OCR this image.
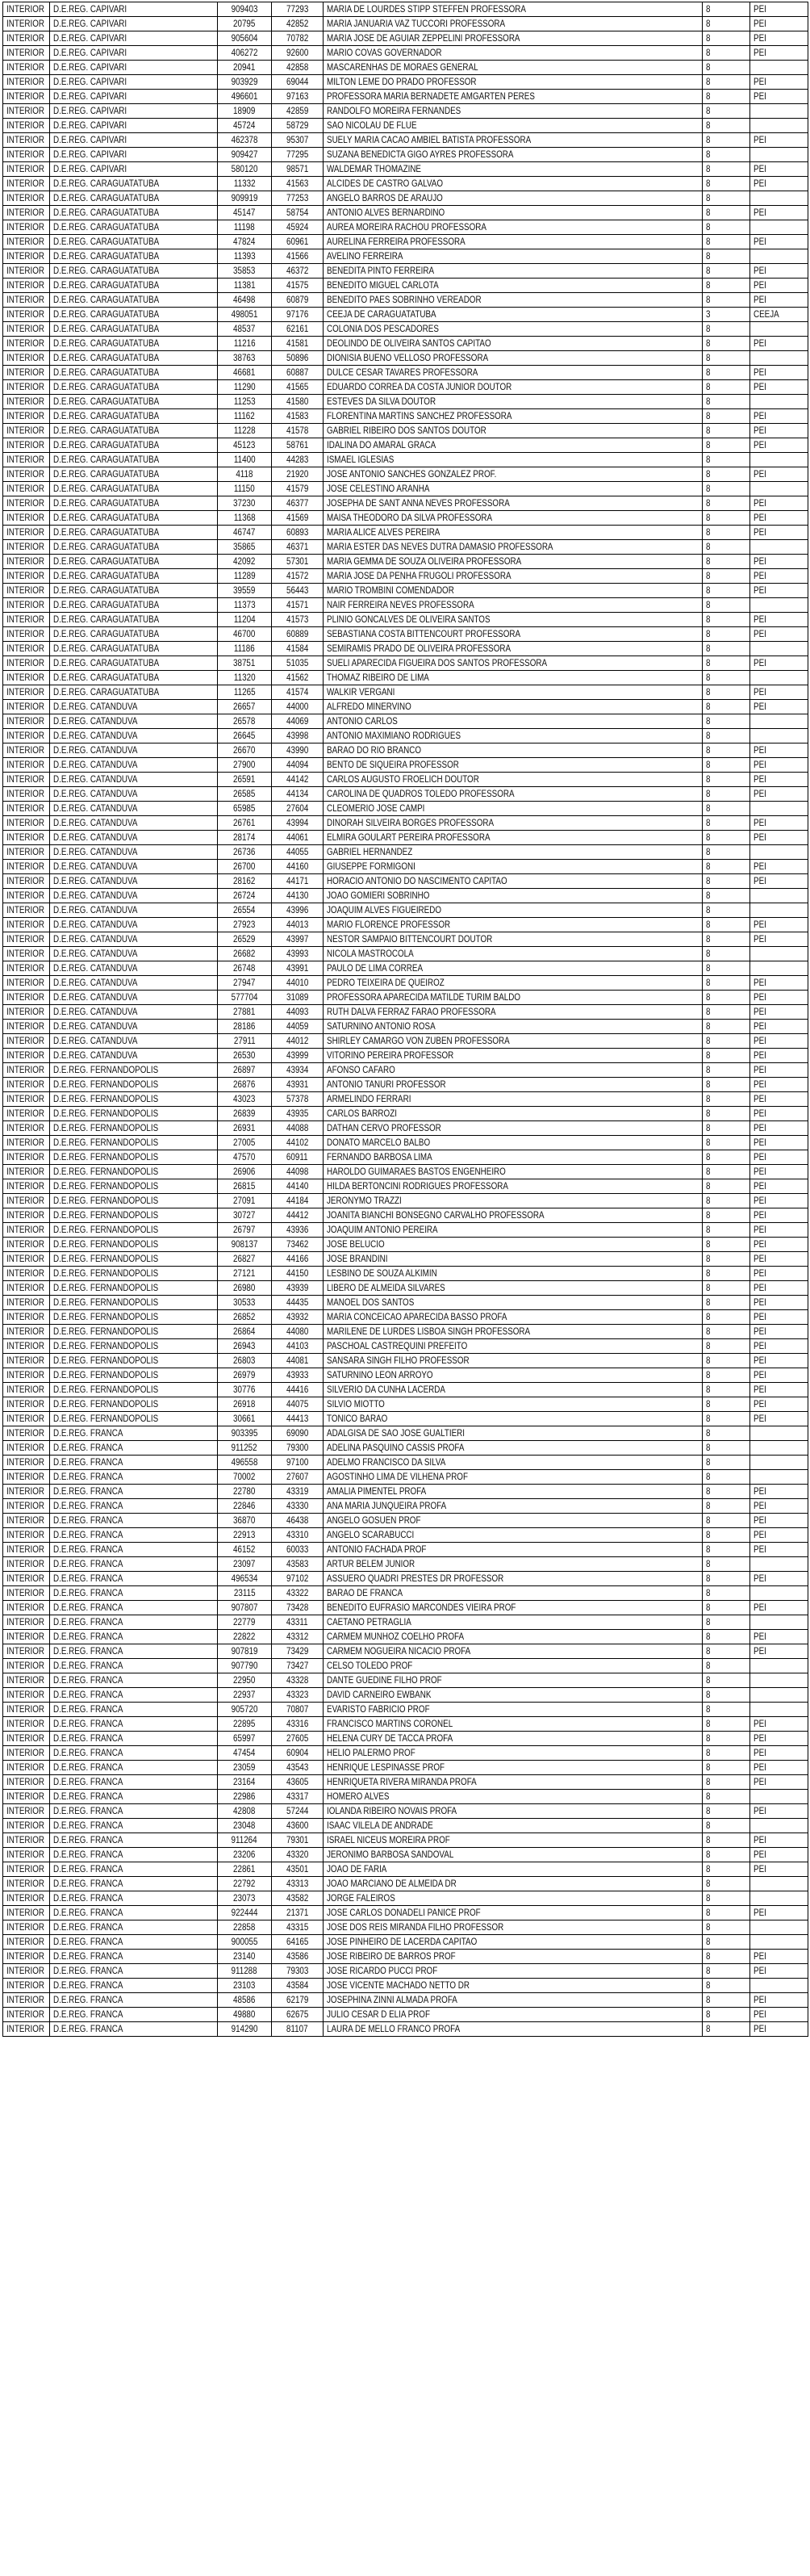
INTERIOR	D.E.REG. CAPIVARI	909403	77293	MARIA DE LOURDES STIPP STEFFEN PROFESSORA	8	PEI
INTERIOR	D.E.REG. CAPIVARI	20795	42852	MARIA JANUARIA VAZ TUCCORI PROFESSORA	8	PEI
INTERIOR	D.E.REG. CAPIVARI	905604	70782	MARIA JOSE DE AGUIAR ZEPPELINI PROFESSORA	8	PEI
INTERIOR	D.E.REG. CAPIVARI	406272	92600	MARIO COVAS GOVERNADOR	8	PEI
INTERIOR	D.E.REG. CAPIVARI	20941	42858	MASCARENHAS DE MORAES GENERAL	8	
INTERIOR	D.E.REG. CAPIVARI	903929	69044	MILTON LEME DO PRADO PROFESSOR	8	PEI
INTERIOR	D.E.REG. CAPIVARI	496601	97163	PROFESSORA MARIA BERNADETE AMGARTEN PERES	8	PEI
INTERIOR	D.E.REG. CAPIVARI	18909	42859	RANDOLFO MOREIRA FERNANDES	8	
INTERIOR	D.E.REG. CAPIVARI	45724	58729	SAO NICOLAU DE FLUE	8	
INTERIOR	D.E.REG. CAPIVARI	462378	95307	SUELY MARIA CACAO AMBIEL BATISTA PROFESSORA	8	PEI
INTERIOR	D.E.REG. CAPIVARI	909427	77295	SUZANA BENEDICTA GIGO AYRES PROFESSORA	8	
INTERIOR	D.E.REG. CAPIVARI	580120	98571	WALDEMAR THOMAZINE	8	PEI
INTERIOR	D.E.REG. CARAGUATATUBA	11332	41563	ALCIDES DE CASTRO GALVAO	8	PEI
INTERIOR	D.E.REG. CARAGUATATUBA	909919	77253	ANGELO BARROS DE ARAUJO	8	
INTERIOR	D.E.REG. CARAGUATATUBA	45147	58754	ANTONIO ALVES BERNARDINO	8	PEI
INTERIOR	D.E.REG. CARAGUATATUBA	11198	45924	AUREA MOREIRA RACHOU PROFESSORA	8	
INTERIOR	D.E.REG. CARAGUATATUBA	47824	60961	AURELINA FERREIRA PROFESSORA	8	PEI
INTERIOR	D.E.REG. CARAGUATATUBA	11393	41566	AVELINO FERREIRA	8	
INTERIOR	D.E.REG. CARAGUATATUBA	35853	46372	BENEDITA PINTO FERREIRA	8	PEI
INTERIOR	D.E.REG. CARAGUATATUBA	11381	41575	BENEDITO MIGUEL CARLOTA	8	PEI
INTERIOR	D.E.REG. CARAGUATATUBA	46498	60879	BENEDITO PAES SOBRINHO VEREADOR	8	PEI
INTERIOR	D.E.REG. CARAGUATATUBA	498051	97176	CEEJA DE CARAGUATATUBA	3	CEEJA
INTERIOR	D.E.REG. CARAGUATATUBA	48537	62161	COLONIA DOS PESCADORES	8	
INTERIOR	D.E.REG. CARAGUATATUBA	11216	41581	DEOLINDO DE OLIVEIRA SANTOS CAPITAO	8	PEI
INTERIOR	D.E.REG. CARAGUATATUBA	38763	50896	DIONISIA BUENO VELLOSO PROFESSORA	8	
INTERIOR	D.E.REG. CARAGUATATUBA	46681	60887	DULCE CESAR TAVARES PROFESSORA	8	PEI
INTERIOR	D.E.REG. CARAGUATATUBA	11290	41565	EDUARDO CORREA DA COSTA JUNIOR DOUTOR	8	PEI
INTERIOR	D.E.REG. CARAGUATATUBA	11253	41580	ESTEVES DA SILVA DOUTOR	8	
INTERIOR	D.E.REG. CARAGUATATUBA	11162	41583	FLORENTINA MARTINS SANCHEZ PROFESSORA	8	PEI
INTERIOR	D.E.REG. CARAGUATATUBA	11228	41578	GABRIEL RIBEIRO DOS SANTOS DOUTOR	8	PEI
INTERIOR	D.E.REG. CARAGUATATUBA	45123	58761	IDALINA DO AMARAL GRACA	8	PEI
INTERIOR	D.E.REG. CARAGUATATUBA	11400	44283	ISMAEL IGLESIAS	8	
INTERIOR	D.E.REG. CARAGUATATUBA	4118	21920	JOSE ANTONIO SANCHES GONZALEZ PROF.	8	PEI
INTERIOR	D.E.REG. CARAGUATATUBA	11150	41579	JOSE CELESTINO ARANHA	8	
INTERIOR	D.E.REG. CARAGUATATUBA	37230	46377	JOSEPHA DE SANT ANNA NEVES PROFESSORA	8	PEI
INTERIOR	D.E.REG. CARAGUATATUBA	11368	41569	MAISA THEODORO DA SILVA PROFESSORA	8	PEI
INTERIOR	D.E.REG. CARAGUATATUBA	46747	60893	MARIA ALICE ALVES PEREIRA	8	PEI
INTERIOR	D.E.REG. CARAGUATATUBA	35865	46371	MARIA ESTER DAS NEVES DUTRA DAMASIO PROFESSORA	8	
INTERIOR	D.E.REG. CARAGUATATUBA	42092	57301	MARIA GEMMA DE SOUZA OLIVEIRA PROFESSORA	8	PEI
INTERIOR	D.E.REG. CARAGUATATUBA	11289	41572	MARIA JOSE DA PENHA FRUGOLI PROFESSORA	8	PEI
INTERIOR	D.E.REG. CARAGUATATUBA	39559	56443	MARIO TROMBINI COMENDADOR	8	PEI
INTERIOR	D.E.REG. CARAGUATATUBA	11373	41571	NAIR FERREIRA NEVES PROFESSORA	8	
INTERIOR	D.E.REG. CARAGUATATUBA	11204	41573	PLINIO GONCALVES DE OLIVEIRA SANTOS	8	PEI
INTERIOR	D.E.REG. CARAGUATATUBA	46700	60889	SEBASTIANA COSTA BITTENCOURT PROFESSORA	8	PEI
INTERIOR	D.E.REG. CARAGUATATUBA	11186	41584	SEMIRAMIS PRADO DE OLIVEIRA PROFESSORA	8	
INTERIOR	D.E.REG. CARAGUATATUBA	38751	51035	SUELI APARECIDA FIGUEIRA DOS SANTOS PROFESSORA	8	PEI
INTERIOR	D.E.REG. CARAGUATATUBA	11320	41562	THOMAZ RIBEIRO DE LIMA	8	
INTERIOR	D.E.REG. CARAGUATATUBA	11265	41574	WALKIR VERGANI	8	PEI
INTERIOR	D.E.REG. CATANDUVA	26657	44000	ALFREDO MINERVINO	8	PEI
INTERIOR	D.E.REG. CATANDUVA	26578	44069	ANTONIO CARLOS	8	
INTERIOR	D.E.REG. CATANDUVA	26645	43998	ANTONIO MAXIMIANO RODRIGUES	8	
INTERIOR	D.E.REG. CATANDUVA	26670	43990	BARAO DO RIO BRANCO	8	PEI
INTERIOR	D.E.REG. CATANDUVA	27900	44094	BENTO DE SIQUEIRA PROFESSOR	8	PEI
INTERIOR	D.E.REG. CATANDUVA	26591	44142	CARLOS AUGUSTO FROELICH DOUTOR	8	PEI
INTERIOR	D.E.REG. CATANDUVA	26585	44134	CAROLINA DE QUADROS TOLEDO PROFESSORA	8	PEI
INTERIOR	D.E.REG. CATANDUVA	65985	27604	CLEOMERIO JOSE CAMPI	8	
INTERIOR	D.E.REG. CATANDUVA	26761	43994	DINORAH SILVEIRA BORGES PROFESSORA	8	PEI
INTERIOR	D.E.REG. CATANDUVA	28174	44061	ELMIRA GOULART PEREIRA PROFESSORA	8	PEI
INTERIOR	D.E.REG. CATANDUVA	26736	44055	GABRIEL HERNANDEZ	8	
INTERIOR	D.E.REG. CATANDUVA	26700	44160	GIUSEPPE FORMIGONI	8	PEI
INTERIOR	D.E.REG. CATANDUVA	28162	44171	HORACIO ANTONIO DO NASCIMENTO CAPITAO	8	PEI
INTERIOR	D.E.REG. CATANDUVA	26724	44130	JOAO GOMIERI SOBRINHO	8	
INTERIOR	D.E.REG. CATANDUVA	26554	43996	JOAQUIM ALVES FIGUEIREDO	8	
INTERIOR	D.E.REG. CATANDUVA	27923	44013	MARIO FLORENCE PROFESSOR	8	PEI
INTERIOR	D.E.REG. CATANDUVA	26529	43997	NESTOR SAMPAIO BITTENCOURT DOUTOR	8	PEI
INTERIOR	D.E.REG. CATANDUVA	26682	43993	NICOLA MASTROCOLA	8	
INTERIOR	D.E.REG. CATANDUVA	26748	43991	PAULO DE LIMA CORREA	8	
INTERIOR	D.E.REG. CATANDUVA	27947	44010	PEDRO TEIXEIRA DE QUEIROZ	8	PEI
INTERIOR	D.E.REG. CATANDUVA	577704	31089	PROFESSORA APARECIDA MATILDE TURIM BALDO	8	PEI
INTERIOR	D.E.REG. CATANDUVA	27881	44093	RUTH DALVA FERRAZ FARAO PROFESSORA	8	PEI
INTERIOR	D.E.REG. CATANDUVA	28186	44059	SATURNINO ANTONIO ROSA	8	PEI
INTERIOR	D.E.REG. CATANDUVA	27911	44012	SHIRLEY CAMARGO VON ZUBEN PROFESSORA	8	PEI
INTERIOR	D.E.REG. CATANDUVA	26530	43999	VITORINO PEREIRA PROFESSOR	8	PEI
INTERIOR	D.E.REG. FERNANDOPOLIS	26897	43934	AFONSO CAFARO	8	PEI
INTERIOR	D.E.REG. FERNANDOPOLIS	26876	43931	ANTONIO TANURI PROFESSOR	8	PEI
INTERIOR	D.E.REG. FERNANDOPOLIS	43023	57378	ARMELINDO FERRARI	8	PEI
INTERIOR	D.E.REG. FERNANDOPOLIS	26839	43935	CARLOS BARROZI	8	PEI
INTERIOR	D.E.REG. FERNANDOPOLIS	26931	44088	DATHAN CERVO PROFESSOR	8	PEI
INTERIOR	D.E.REG. FERNANDOPOLIS	27005	44102	DONATO MARCELO BALBO	8	PEI
INTERIOR	D.E.REG. FERNANDOPOLIS	47570	60911	FERNANDO BARBOSA LIMA	8	PEI
INTERIOR	D.E.REG. FERNANDOPOLIS	26906	44098	HAROLDO GUIMARAES BASTOS ENGENHEIRO	8	PEI
INTERIOR	D.E.REG. FERNANDOPOLIS	26815	44140	HILDA BERTONCINI RODRIGUES PROFESSORA	8	PEI
INTERIOR	D.E.REG. FERNANDOPOLIS	27091	44184	JERONYMO TRAZZI	8	PEI
INTERIOR	D.E.REG. FERNANDOPOLIS	30727	44412	JOANITA BIANCHI BONSEGNO CARVALHO PROFESSORA	8	PEI
INTERIOR	D.E.REG. FERNANDOPOLIS	26797	43936	JOAQUIM ANTONIO PEREIRA	8	PEI
INTERIOR	D.E.REG. FERNANDOPOLIS	908137	73462	JOSE BELUCIO	8	PEI
INTERIOR	D.E.REG. FERNANDOPOLIS	26827	44166	JOSE BRANDINI	8	PEI
INTERIOR	D.E.REG. FERNANDOPOLIS	27121	44150	LESBINO DE SOUZA ALKIMIN	8	PEI
INTERIOR	D.E.REG. FERNANDOPOLIS	26980	43939	LIBERO DE ALMEIDA SILVARES	8	PEI
INTERIOR	D.E.REG. FERNANDOPOLIS	30533	44435	MANOEL DOS SANTOS	8	PEI
INTERIOR	D.E.REG. FERNANDOPOLIS	26852	43932	MARIA CONCEICAO APARECIDA BASSO PROFA	8	PEI
INTERIOR	D.E.REG. FERNANDOPOLIS	26864	44080	MARILENE DE LURDES LISBOA SINGH PROFESSORA	8	PEI
INTERIOR	D.E.REG. FERNANDOPOLIS	26943	44103	PASCHOAL CASTREQUINI PREFEITO	8	PEI
INTERIOR	D.E.REG. FERNANDOPOLIS	26803	44081	SANSARA SINGH FILHO PROFESSOR	8	PEI
INTERIOR	D.E.REG. FERNANDOPOLIS	26979	43933	SATURNINO LEON ARROYO	8	PEI
INTERIOR	D.E.REG. FERNANDOPOLIS	30776	44416	SILVERIO DA CUNHA LACERDA	8	PEI
INTERIOR	D.E.REG. FERNANDOPOLIS	26918	44075	SILVIO MIOTTO	8	PEI
INTERIOR	D.E.REG. FERNANDOPOLIS	30661	44413	TONICO BARAO	8	PEI
INTERIOR	D.E.REG. FRANCA	903395	69090	ADALGISA DE SAO JOSE GUALTIERI	8	
INTERIOR	D.E.REG. FRANCA	911252	79300	ADELINA PASQUINO CASSIS PROFA	8	
INTERIOR	D.E.REG. FRANCA	496558	97100	ADELMO FRANCISCO DA SILVA	8	
INTERIOR	D.E.REG. FRANCA	70002	27607	AGOSTINHO LIMA DE VILHENA PROF	8	
INTERIOR	D.E.REG. FRANCA	22780	43319	AMALIA PIMENTEL PROFA	8	PEI
INTERIOR	D.E.REG. FRANCA	22846	43330	ANA MARIA JUNQUEIRA PROFA	8	PEI
INTERIOR	D.E.REG. FRANCA	36870	46438	ANGELO GOSUEN PROF	8	PEI
INTERIOR	D.E.REG. FRANCA	22913	43310	ANGELO SCARABUCCI	8	PEI
INTERIOR	D.E.REG. FRANCA	46152	60033	ANTONIO FACHADA PROF	8	PEI
INTERIOR	D.E.REG. FRANCA	23097	43583	ARTUR BELEM JUNIOR	8	
INTERIOR	D.E.REG. FRANCA	496534	97102	ASSUERO QUADRI PRESTES DR PROFESSOR	8	PEI
INTERIOR	D.E.REG. FRANCA	23115	43322	BARAO DE FRANCA	8	
INTERIOR	D.E.REG. FRANCA	907807	73428	BENEDITO EUFRASIO MARCONDES VIEIRA PROF	8	PEI
INTERIOR	D.E.REG. FRANCA	22779	43311	CAETANO PETRAGLIA	8	
INTERIOR	D.E.REG. FRANCA	22822	43312	CARMEM MUNHOZ COELHO PROFA	8	PEI
INTERIOR	D.E.REG. FRANCA	907819	73429	CARMEM NOGUEIRA NICACIO PROFA	8	PEI
INTERIOR	D.E.REG. FRANCA	907790	73427	CELSO TOLEDO PROF	8	
INTERIOR	D.E.REG. FRANCA	22950	43328	DANTE GUEDINE FILHO PROF	8	
INTERIOR	D.E.REG. FRANCA	22937	43323	DAVID CARNEIRO EWBANK	8	
INTERIOR	D.E.REG. FRANCA	905720	70807	EVARISTO FABRICIO PROF	8	
INTERIOR	D.E.REG. FRANCA	22895	43316	FRANCISCO MARTINS CORONEL	8	PEI
INTERIOR	D.E.REG. FRANCA	65997	27605	HELENA CURY DE TACCA PROFA	8	PEI
INTERIOR	D.E.REG. FRANCA	47454	60904	HELIO PALERMO PROF	8	PEI
INTERIOR	D.E.REG. FRANCA	23059	43543	HENRIQUE LESPINASSE PROF	8	PEI
INTERIOR	D.E.REG. FRANCA	23164	43605	HENRIQUETA RIVERA MIRANDA PROFA	8	PEI
INTERIOR	D.E.REG. FRANCA	22986	43317	HOMERO ALVES	8	
INTERIOR	D.E.REG. FRANCA	42808	57244	IOLANDA RIBEIRO NOVAIS PROFA	8	PEI
INTERIOR	D.E.REG. FRANCA	23048	43600	ISAAC VILELA DE ANDRADE	8	
INTERIOR	D.E.REG. FRANCA	911264	79301	ISRAEL NICEUS MOREIRA PROF	8	PEI
INTERIOR	D.E.REG. FRANCA	23206	43320	JERONIMO BARBOSA SANDOVAL	8	PEI
INTERIOR	D.E.REG. FRANCA	22861	43501	JOAO DE FARIA	8	PEI
INTERIOR	D.E.REG. FRANCA	22792	43313	JOAO MARCIANO DE ALMEIDA DR	8	
INTERIOR	D.E.REG. FRANCA	23073	43582	JORGE FALEIROS	8	
INTERIOR	D.E.REG. FRANCA	922444	21371	JOSE CARLOS DONADELI PANICE PROF	8	PEI
INTERIOR	D.E.REG. FRANCA	22858	43315	JOSE DOS REIS MIRANDA FILHO PROFESSOR	8	
INTERIOR	D.E.REG. FRANCA	900055	64165	JOSE PINHEIRO DE LACERDA CAPITAO	8	
INTERIOR	D.E.REG. FRANCA	23140	43586	JOSE RIBEIRO DE BARROS PROF	8	PEI
INTERIOR	D.E.REG. FRANCA	911288	79303	JOSE RICARDO PUCCI PROF	8	PEI
INTERIOR	D.E.REG. FRANCA	23103	43584	JOSE VICENTE MACHADO NETTO DR	8	
INTERIOR	D.E.REG. FRANCA	48586	62179	JOSEPHINA ZINNI ALMADA PROFA	8	PEI
INTERIOR	D.E.REG. FRANCA	49880	62675	JULIO CESAR D ELIA PROF	8	PEI
INTERIOR	D.E.REG. FRANCA	914290	81107	LAURA DE MELLO FRANCO PROFA	8	PEI
